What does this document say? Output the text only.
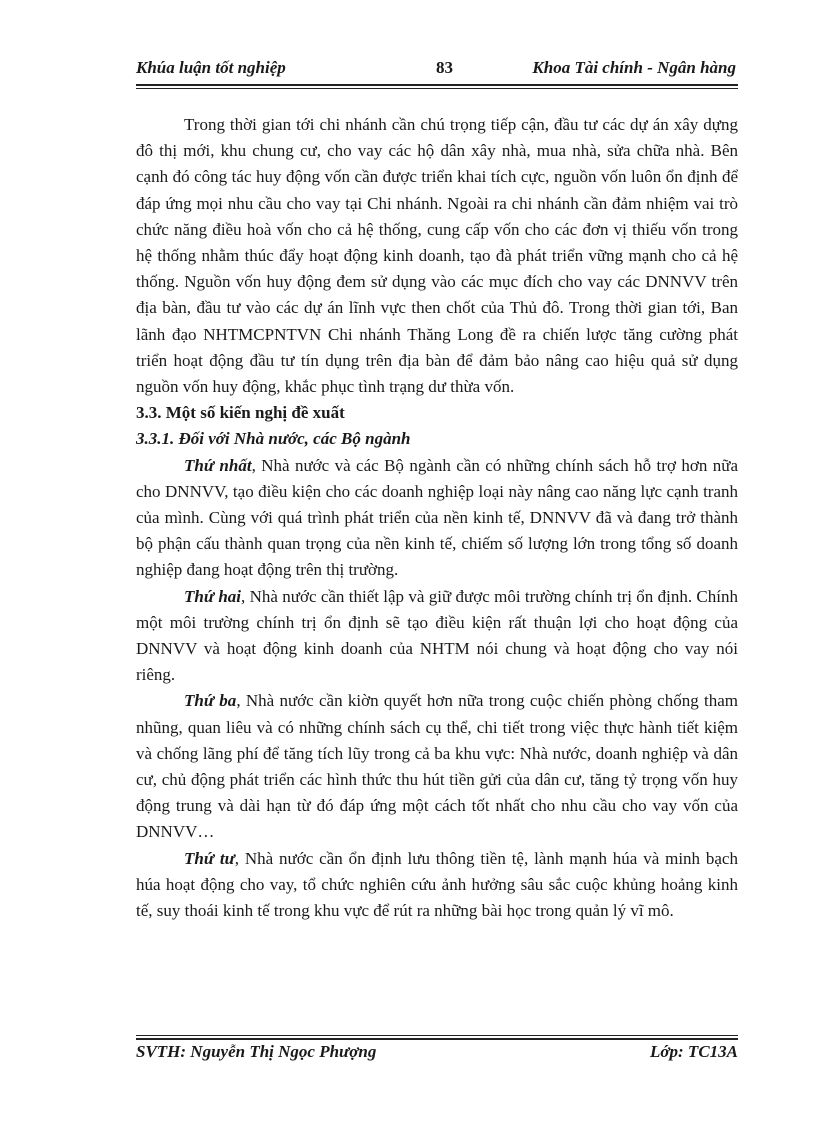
Khúa luận tốt nghiệp	83	Khoa Tài chính - Ngân hàng

Trong thời gian tới chi nhánh cần chú trọng tiếp cận, đầu tư các dự án xây dựng đô thị mới, khu chung cư, cho vay các hộ dân xây nhà, mua nhà, sửa chữa nhà. Bên cạnh đó công tác huy động vốn cần được triển khai tích cực, nguồn vốn luôn ổn định để đáp ứng mọi nhu cầu cho vay tại Chi nhánh. Ngoài ra chi nhánh cần đảm nhiệm vai trò chức năng điều hoà vốn cho cả hệ thống, cung cấp vốn cho các đơn vị thiếu vốn trong hệ thống nhằm thúc đẩy hoạt động kinh doanh, tạo đà phát triển vững mạnh cho cả hệ thống. Nguồn vốn huy động đem sử dụng vào các mục đích cho vay các DNNVV trên địa bàn, đầu tư vào các dự án lĩnh vực then chốt của Thủ đô. Trong thời gian tới, Ban lãnh đạo NHTMCPNTVN Chi nhánh Thăng Long đề ra chiến lược tăng cường phát triển hoạt động đầu tư tín dụng trên địa bàn để đảm bảo nâng cao hiệu quả sử dụng nguồn vốn huy động, khắc phục tình trạng dư thừa vốn.

3.3. Một số kiến nghị đề xuất

3.3.1. Đối với Nhà nước, các Bộ ngành

Thứ nhất, Nhà nước và các Bộ ngành cần có những chính sách hỗ trợ hơn nữa cho DNNVV, tạo điều kiện cho các doanh nghiệp loại này nâng cao năng lực cạnh tranh của mình. Cùng với quá trình phát triển của nền kinh tế, DNNVV đã và đang trở thành bộ phận cấu thành quan trọng của nền kinh tế, chiếm số lượng lớn trong tổng số doanh nghiệp đang hoạt động trên thị trường.

Thứ hai, Nhà nước cần thiết lập và giữ được môi trường chính trị ổn định. Chính một môi trường chính trị ổn định sẽ tạo điều kiện rất thuận lợi cho hoạt động của DNNVV và hoạt động kinh doanh của NHTM nói chung và hoạt động cho vay nói riêng.

Thứ ba, Nhà nước cần kiờn quyết hơn nữa trong cuộc chiến phòng chống tham nhũng, quan liêu và có những chính sách cụ thể, chi tiết trong việc thực hành tiết kiệm và chống lãng phí để tăng tích lũy trong cả ba khu vực: Nhà nước, doanh nghiệp và dân cư, chủ động phát triển các hình thức thu hút tiền gửi của dân cư, tăng tỷ trọng vốn huy động trung và dài hạn từ đó đáp ứng một cách tốt nhất cho nhu cầu cho vay vốn của DNNVV…

Thứ tư, Nhà nước cần ổn định lưu thông tiền tệ, lành mạnh húa và minh bạch húa hoạt động cho vay, tổ chức nghiên cứu ảnh hưởng sâu sắc cuộc khủng hoảng kinh tế, suy thoái kinh tế trong khu vực để rút ra những bài học trong quản lý vĩ mô.

SVTH: Nguyễn Thị Ngọc Phượng	Lớp: TC13A
